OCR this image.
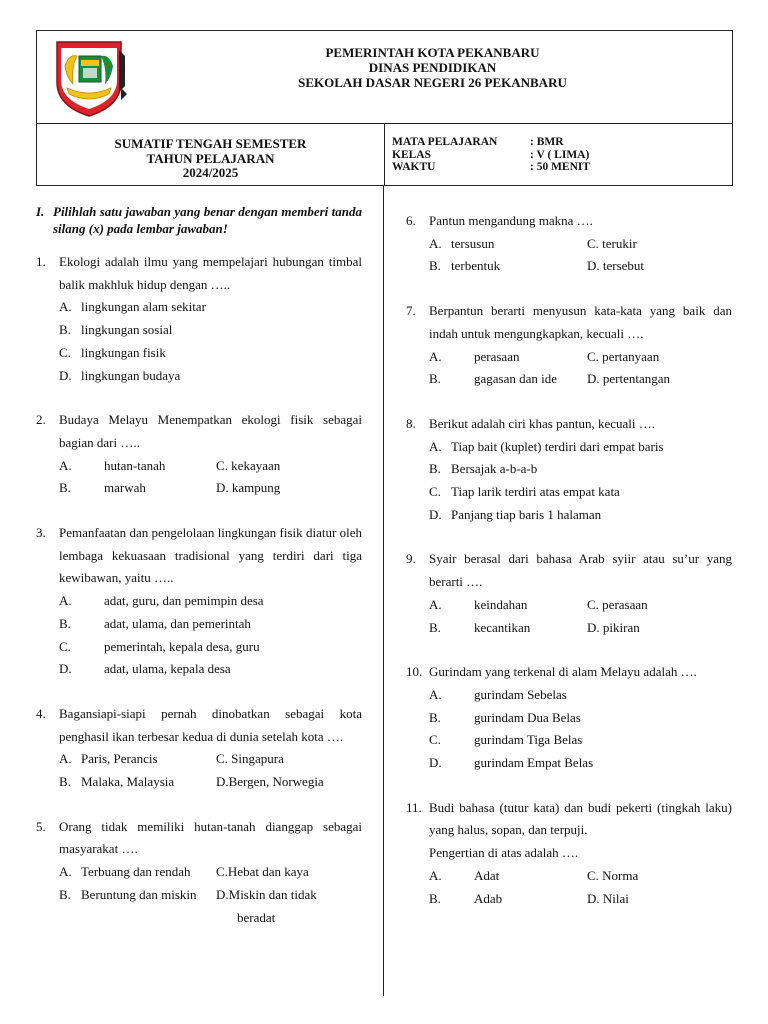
PEMERINTAH KOTA PEKANBARU
DINAS PENDIDIKAN
SEKOLAH DASAR NEGERI 26 PEKANBARU
SUMATIF TENGAH SEMESTER
TAHUN PELAJARAN
2024/2025
MATA PELAJARAN	: BMR
KELAS	: V ( LIMA)
WAKTU	: 50 MENIT
I. Pilihlah satu jawaban yang benar dengan memberi tanda silang (x) pada lembar jawaban!
1.	Ekologi adalah ilmu yang mempelajari hubungan timbal balik makhluk hidup dengan …..
A. lingkungan alam sekitar
B. lingkungan sosial
C. lingkungan fisik
D. lingkungan budaya
2.	Budaya Melayu Menempatkan ekologi fisik sebagai bagian dari …..
A.	hutan-tanah	C. kekayaan
B.	marwah	D. kampung
3.	Pemanfaatan dan pengelolaan lingkungan fisik diatur oleh lembaga kekuasaan tradisional yang terdiri dari tiga kewibawan, yaitu …..
A.	adat, guru, dan pemimpin desa
B.	adat, ulama, dan pemerintah
C.	pemerintah, kepala desa, guru
D.	adat, ulama, kepala desa
4.	Bagansiapi-siapi pernah dinobatkan sebagai kota penghasil ikan terbesar kedua di dunia setelah kota ….
A. Paris, Perancis	C. Singapura
B. Malaka, Malaysia	D.Bergen, Norwegia
5.	Orang tidak memiliki hutan-tanah dianggap sebagai masyarakat ….
A. Terbuang dan rendah C.Hebat dan kaya
B. Beruntung dan miskin D.Miskin dan tidak
beradat
6.	Pantun mengandung makna ….
A. tersusun	C. terukir
B. terbentuk	D. tersebut
7.	Berpantun berarti menyusun kata-kata yang baik dan indah untuk mengungkapkan, kecuali ….
A.	perasaan	C. pertanyaan
B.	gagasan dan ide D. pertentangan
8.	Berikut adalah ciri khas pantun, kecuali ….
A. Tiap bait (kuplet) terdiri dari empat baris
B. Bersajak a-b-a-b
C. Tiap larik terdiri atas empat kata
D. Panjang tiap baris 1 halaman
9.	Syair berasal dari bahasa Arab syiir atau su’ur yang berarti ….
A.	keindahan	C. perasaan
B.	kecantikan	D. pikiran
10. Gurindam yang terkenal di alam Melayu adalah ….
A.	gurindam Sebelas
B.	gurindam Dua Belas
C.	gurindam Tiga Belas
D.	gurindam Empat Belas
11. Budi bahasa (tutur kata) dan budi pekerti (tingkah laku) yang halus, sopan, dan terpuji.
Pengertian di atas adalah ….
A.	Adat	C. Norma
B.	Adab	D. Nilai
